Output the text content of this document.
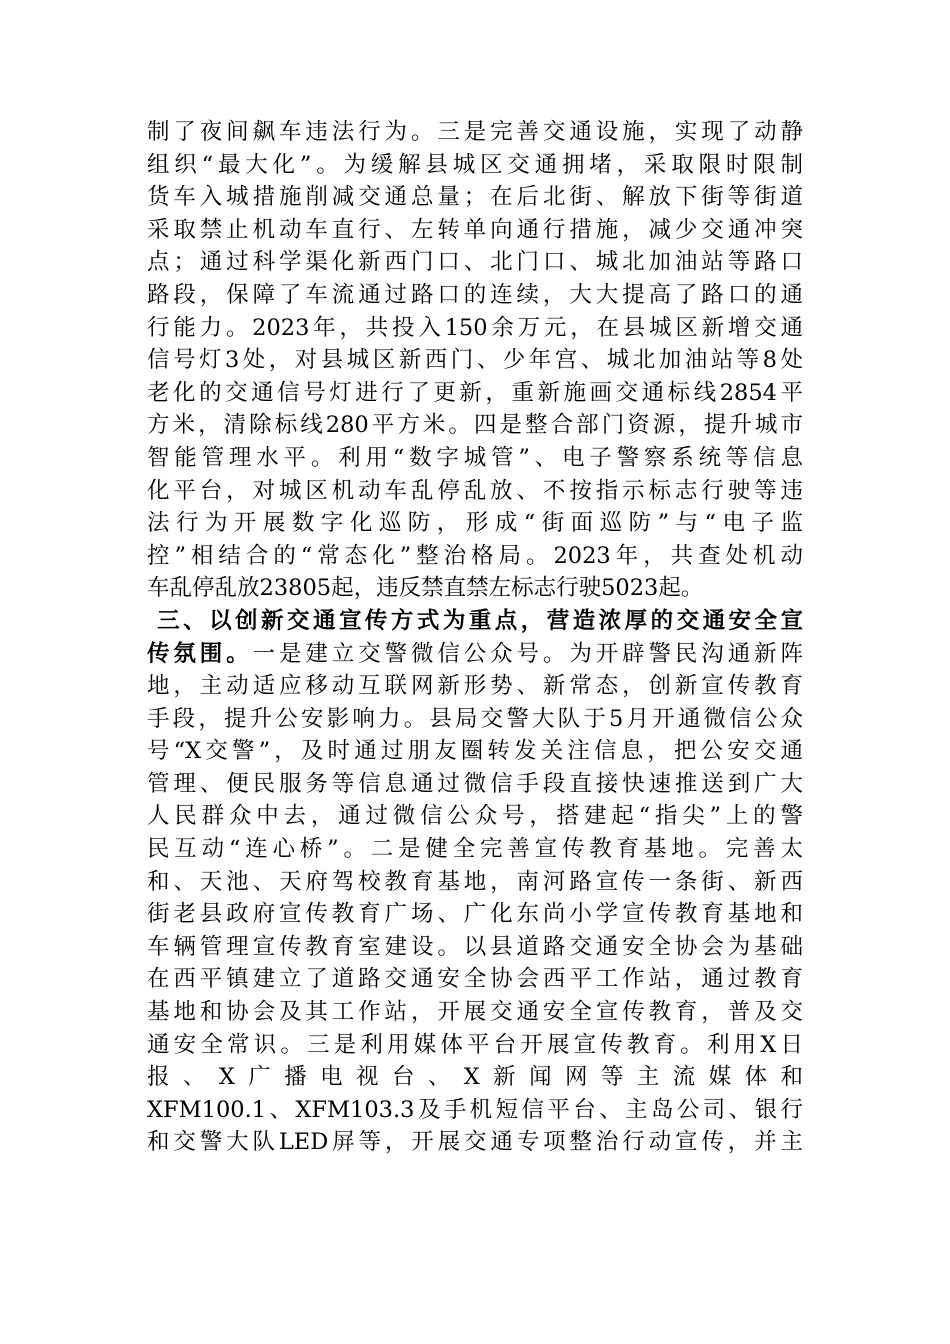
制了夜间飙车违法行为。三是完善交通设施，实现了动静
组织“最大化”。为缓解县城区交通拥堵，采取限时限制
货车入城措施削减交通总量；在后北街、解放下街等街道
采取禁止机动车直行、左转单向通行措施，减少交通冲突
点；通过科学渠化新西门口、北门口、城北加油站等路口
路段，保障了车流通过路口的连续，大大提高了路口的通
行能力。2023年，共投入150余万元，在县城区新增交通
信号灯3处，对县城区新西门、少年宫、城北加油站等8处
老化的交通信号灯进行了更新，重新施画交通标线2854平
方米，清除标线280平方米。四是整合部门资源，提升城市
智能管理水平。利用“数字城管”、电子警察系统等信息
化平台，对城区机动车乱停乱放、不按指示标志行驶等违
法行为开展数字化巡防，形成“街面巡防”与“电子监
控”相结合的“常态化”整治格局。2023年，共查处机动
车乱停乱放23805起，违反禁直禁左标志行驶5023起。
三、以创新交通宣传方式为重点，营造浓厚的交通安全宣
传氛围。一是建立交警微信公众号。为开辟警民沟通新阵
地，主动适应移动互联网新形势、新常态，创新宣传教育
手段，提升公安影响力。县局交警大队于5月开通微信公众
号“X交警”，及时通过朋友圈转发关注信息，把公安交通
管理、便民服务等信息通过微信手段直接快速推送到广大
人民群众中去，通过微信公众号，搭建起“指尖”上的警
民互动“连心桥”。二是健全完善宣传教育基地。完善太
和、天池、天府驾校教育基地，南河路宣传一条街、新西
街老县政府宣传教育广场、广化东尚小学宣传教育基地和
车辆管理宣传教育室建设。以县道路交通安全协会为基础
在西平镇建立了道路交通安全协会西平工作站，通过教育
基地和协会及其工作站，开展交通安全宣传教育，普及交
通安全常识。三是利用媒体平台开展宣传教育。利用X日
报、X广播电视台、X新闻网等主流媒体和
XFM100.1、XFM103.3及手机短信平台、主岛公司、银行
和交警大队LED屏等，开展交通专项整治行动宣传，并主
